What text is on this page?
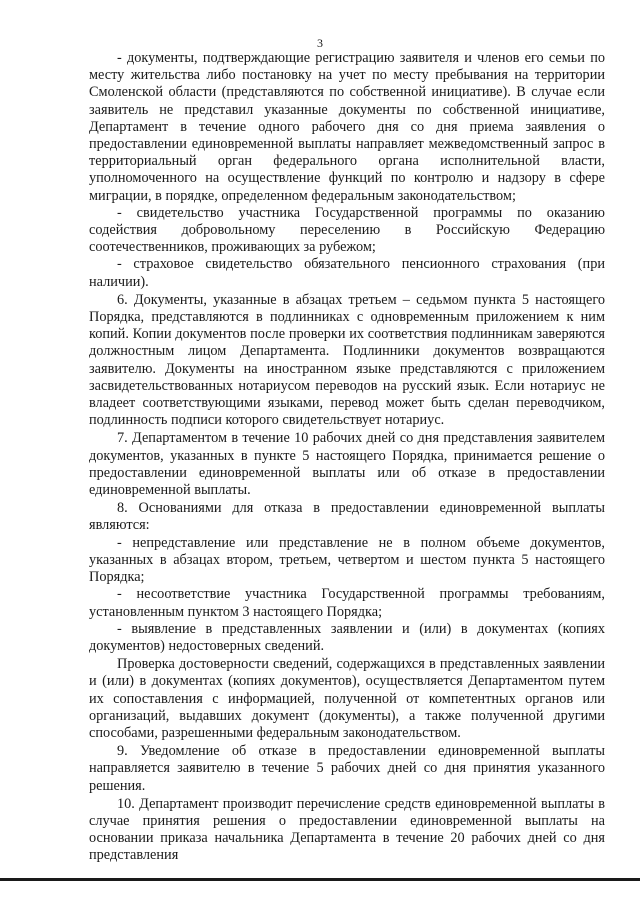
3

- документы, подтверждающие регистрацию заявителя и членов его семьи по месту жительства либо постановку на учет по месту пребывания на территории Смоленской области (представляются по собственной инициативе). В случае если заявитель не представил указанные документы по собственной инициативе, Департамент в течение одного рабочего дня со дня приема заявления о предоставлении единовременной выплаты направляет межведомственный запрос в территориальный орган федерального органа исполнительной власти, уполномоченного на осуществление функций по контролю и надзору в сфере миграции, в порядке, определенном федеральным законодательством;

- свидетельство участника Государственной программы по оказанию содействия добровольному переселению в Российскую Федерацию соотечественников, проживающих за рубежом;

- страховое свидетельство обязательного пенсионного страхования (при наличии).

6. Документы, указанные в абзацах третьем – седьмом пункта 5 настоящего Порядка, представляются в подлинниках с одновременным приложением к ним копий. Копии документов после проверки их соответствия подлинникам заверяются должностным лицом Департамента. Подлинники документов возвращаются заявителю. Документы на иностранном языке представляются с приложением засвидетельствованных нотариусом переводов на русский язык. Если нотариус не владеет соответствующими языками, перевод может быть сделан переводчиком, подлинность подписи которого свидетельствует нотариус.

7. Департаментом в течение 10 рабочих дней со дня представления заявителем документов, указанных в пункте 5 настоящего Порядка, принимается решение о предоставлении единовременной выплаты или об отказе в предоставлении единовременной выплаты.

8. Основаниями для отказа в предоставлении единовременной выплаты являются:

- непредставление или представление не в полном объеме документов, указанных в абзацах втором, третьем, четвертом и шестом пункта 5 настоящего Порядка;

- несоответствие участника Государственной программы требованиям, установленным пунктом 3 настоящего Порядка;

- выявление в представленных заявлении и (или) в документах (копиях документов) недостоверных сведений.

Проверка достоверности сведений, содержащихся в представленных заявлении и (или) в документах (копиях документов), осуществляется Департаментом путем их сопоставления с информацией, полученной от компетентных органов или организаций, выдавших документ (документы), а также полученной другими способами, разрешенными федеральным законодательством.

9. Уведомление об отказе в предоставлении единовременной выплаты направляется заявителю в течение 5 рабочих дней со дня принятия указанного решения.

10. Департамент производит перечисление средств единовременной выплаты в случае принятия решения о предоставлении единовременной выплаты на основании приказа начальника Департамента в течение 20 рабочих дней со дня представления
